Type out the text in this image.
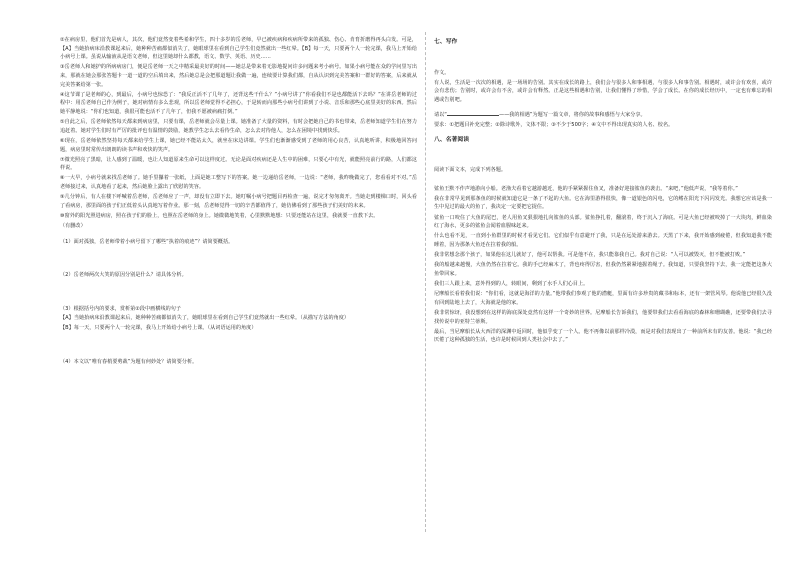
②在病房里，他们首先是病人，其次，他们竟然变着些希和学生，四十多岁的岳老师，早已被疾病和疾病所带来的孤独、伤心、肯育折磨得再头白发。可是，【A】当她抬病床沿教课起来后，她种种苦痛都似消失了，她眼球里在看到自己学生们竟然就出一些红晕。【B】每一天，只要两个人一轮完课，我马上开始给小病号上课。虽说从输液从是语文老师，但这里她却什么都教，语文、数学、英语、历史……

③岳老师人和她护的所病病房门，便是岳老师一天之中精采最美好的时间——她总是带来着无影地提问许多问题来考小病号。如果小病号能在众的学问里写出来，那就在她会那张答题卡一道一道的空后填出来，然后她总是会把那道题让我做一遍，连续要计算我们都，自从认识到完美答案和一群好的答案，后来就从完美答案给第一张。

④这节课了是老师的心，到最后，小病号也惊恐了：“我反正活不了几年了，还背这些干什么？”小病号讲了“你看我们不是也都能活下去吗？”在讲岳老师的过程中：用岳老师自己作为例子，她对病情有多么悲观，所以岳老师觉得不必担心，于是转而向那些小病号们讲到了小说、音乐和那些心底里美好的东西。然后她平静地说：“你们也知道，我很可能也活不了几年了，但我不愿被病痛打倒。”

⑤自此之后，岳老师依然每天都来到病房里，只要有课，岳老师就会尽量上课。她准备了大量的资料，有时会把她自己的书也带来，岳老师知道学生们在努力追赶着。她对学生们时有严厉的批评也有温情的鼓励，她教学生怎么去看待生命，怎么去对待他人，怎么在困境中找到快乐。

⑥现在，岳老师依然坚持每天都来给学生上课，她已经不能站太久，就坐在床边讲课。学生们也渐渐感受到了老师的用心良苦，认真地听讲，积极地回答问题，病房里时常传出朗朗的读书声和欢快的笑声。

⑦微光照亮了黑暗，让人感到了温暖，也让人知道原来生命可以这样度过。无论是面对疾病还是人生中的困难，只要心中有光，就能照亮前行的路，人们都这样说。

⑧一大早，小病号就来找岳老师了。她手里攥着一张纸，上面是她工整写下的答案。她一边递给岳老师，一边说：“老师，我昨晚做完了，您看看对不对。”岳老师接过来，认真地看了起来，然后她脸上露出了欣慰的笑容。

⑨几分钟后，有人在楼下呼喊着岳老师，岳老师应了一声，却没有立即下去。她叮嘱小病号把题目再检查一遍，说完才匆匆离开。当她走到楼梯口时，回头看了看病房，那里面的孩子们正低着头认真地写着作业。那一刻，岳老师觉得一切的辛苦都值得了，她仿佛看到了那些孩子们美好的未来。

⑩窗外的阳光照进病房，照在孩子们的脸上，也照在岳老师的身上。她微微地笑着，心里默默地想：只要还能站在这里，我就要一直教下去。

（有删改）

（1）面对孤独，岳老师带着小病号留下了哪些“执着的痕迹”？请简要概括。

（2）岳老师两次大笑的原因分别是什么？请具体分析。

（3）根据括号内的要求，赏析第②段中画横线的句子

【A】当她抬病床沿教课起来后，她种种苦痛都似消失了，她眼球里在看到自己学生们竟然就出一些红晕。（从描写方法的角度）

【B】每一天，只要两个人一轮完课，我马上开始给小病号上课。（从词语运用的角度）

（4）本文以“唯有春梢要剪裁”为题有何妙处？请简要分析。

七、写作

作文。

有人说，生活是一次次的相遇，是一场场的告别。其实在成长的路上，我们会与很多人和事相遇，与很多人和事告别。相遇时，或许会有欢喜，或许会有悲伤；告别时，或许会有不舍，或许会有释然。正是这些相遇和告别，让我们懂得了珍惜，学会了成长。在你的成长经历中，一定也有难忘的相遇或告别吧。

请以“	——我的相遇”为题写一篇文章，将你的故事和感悟与大家分享。

要求：①把题目补充完整；②除诗歌外，文体不限；③不少于500字；④文中不得出现真实的人名、校名。

八、名著阅读

阅读下面文本，完成下列各题。

鲨鱼王默不作声地游向小船。老渔夫看着它越游越近，他的手紧紧握住鱼叉，准备好迎接鲨鱼的袭击。“来吧，”他低声说，“我等着你。”

我在非常早见到那条鱼的时候就知道它是一条了不起的大鱼。它在海里游得很快，像一道银色的闪电，它的鳍在阳光下闪闪发光。我想它应该是我一生中见过的最大的鱼了，我决定一定要把它捉住。

鲨鱼一口咬住了大鱼的尾巴，老人用鱼叉狠狠地扎向鲨鱼的头部。鲨鱼挣扎着，翻滚着，终于沉入了海底。可是大鱼已经被咬掉了一大块肉，鲜血染红了海水，更多的鲨鱼会闻着血腥味赶来。

什么也看不见，一直到小鱼群里的时候才看见它们。它们似乎有意避开了我，只是在远处游来游去。天黑了下来，我开始感到疲倦，但我知道我不能睡着，因为那条大鱼还在拉着我的船。

我非常想念那个孩子，如果他在这儿就好了，他可以帮我。可是他不在，我只能靠我自己。我对自己说：“人可以被毁灭，但不能被打败。”

我的船越来越慢，大鱼仍然在拉着它。我的手已经麻木了，背也疼得厉害，但我仍然紧紧地握着绳子。我知道，只要我坚持下去，我一定能把这条大鱼带回家。

我们三人跟上来，意外得到的人，转眼间，剩到了水手人们心目上。

尼摩船长看着我们说：“你们看，这就是海洋的力量。”他带我们参观了他的潜艇，里面有许多珍贵的藏书和标本，还有一架管风琴。他说他已经很久没有回到陆地上去了，大海就是他的家。

我非常惊讶，我没想到在这样的海底深处竟然有这样一个奇妙的世界。尼摩船长告诉我们，他要带我们去看看海底的森林和珊瑚礁，还要带我们去寻找传说中的亚特兰蒂斯。

最后，当尼摩船长从大西洋的深渊中返回时，他似乎变了一个人。他不再像以前那样冷漠，而是对我们表现出了一种前所未有的友善。他说：“我已经厌倦了这种孤独的生活，也许是时候回到人类社会中去了。”
